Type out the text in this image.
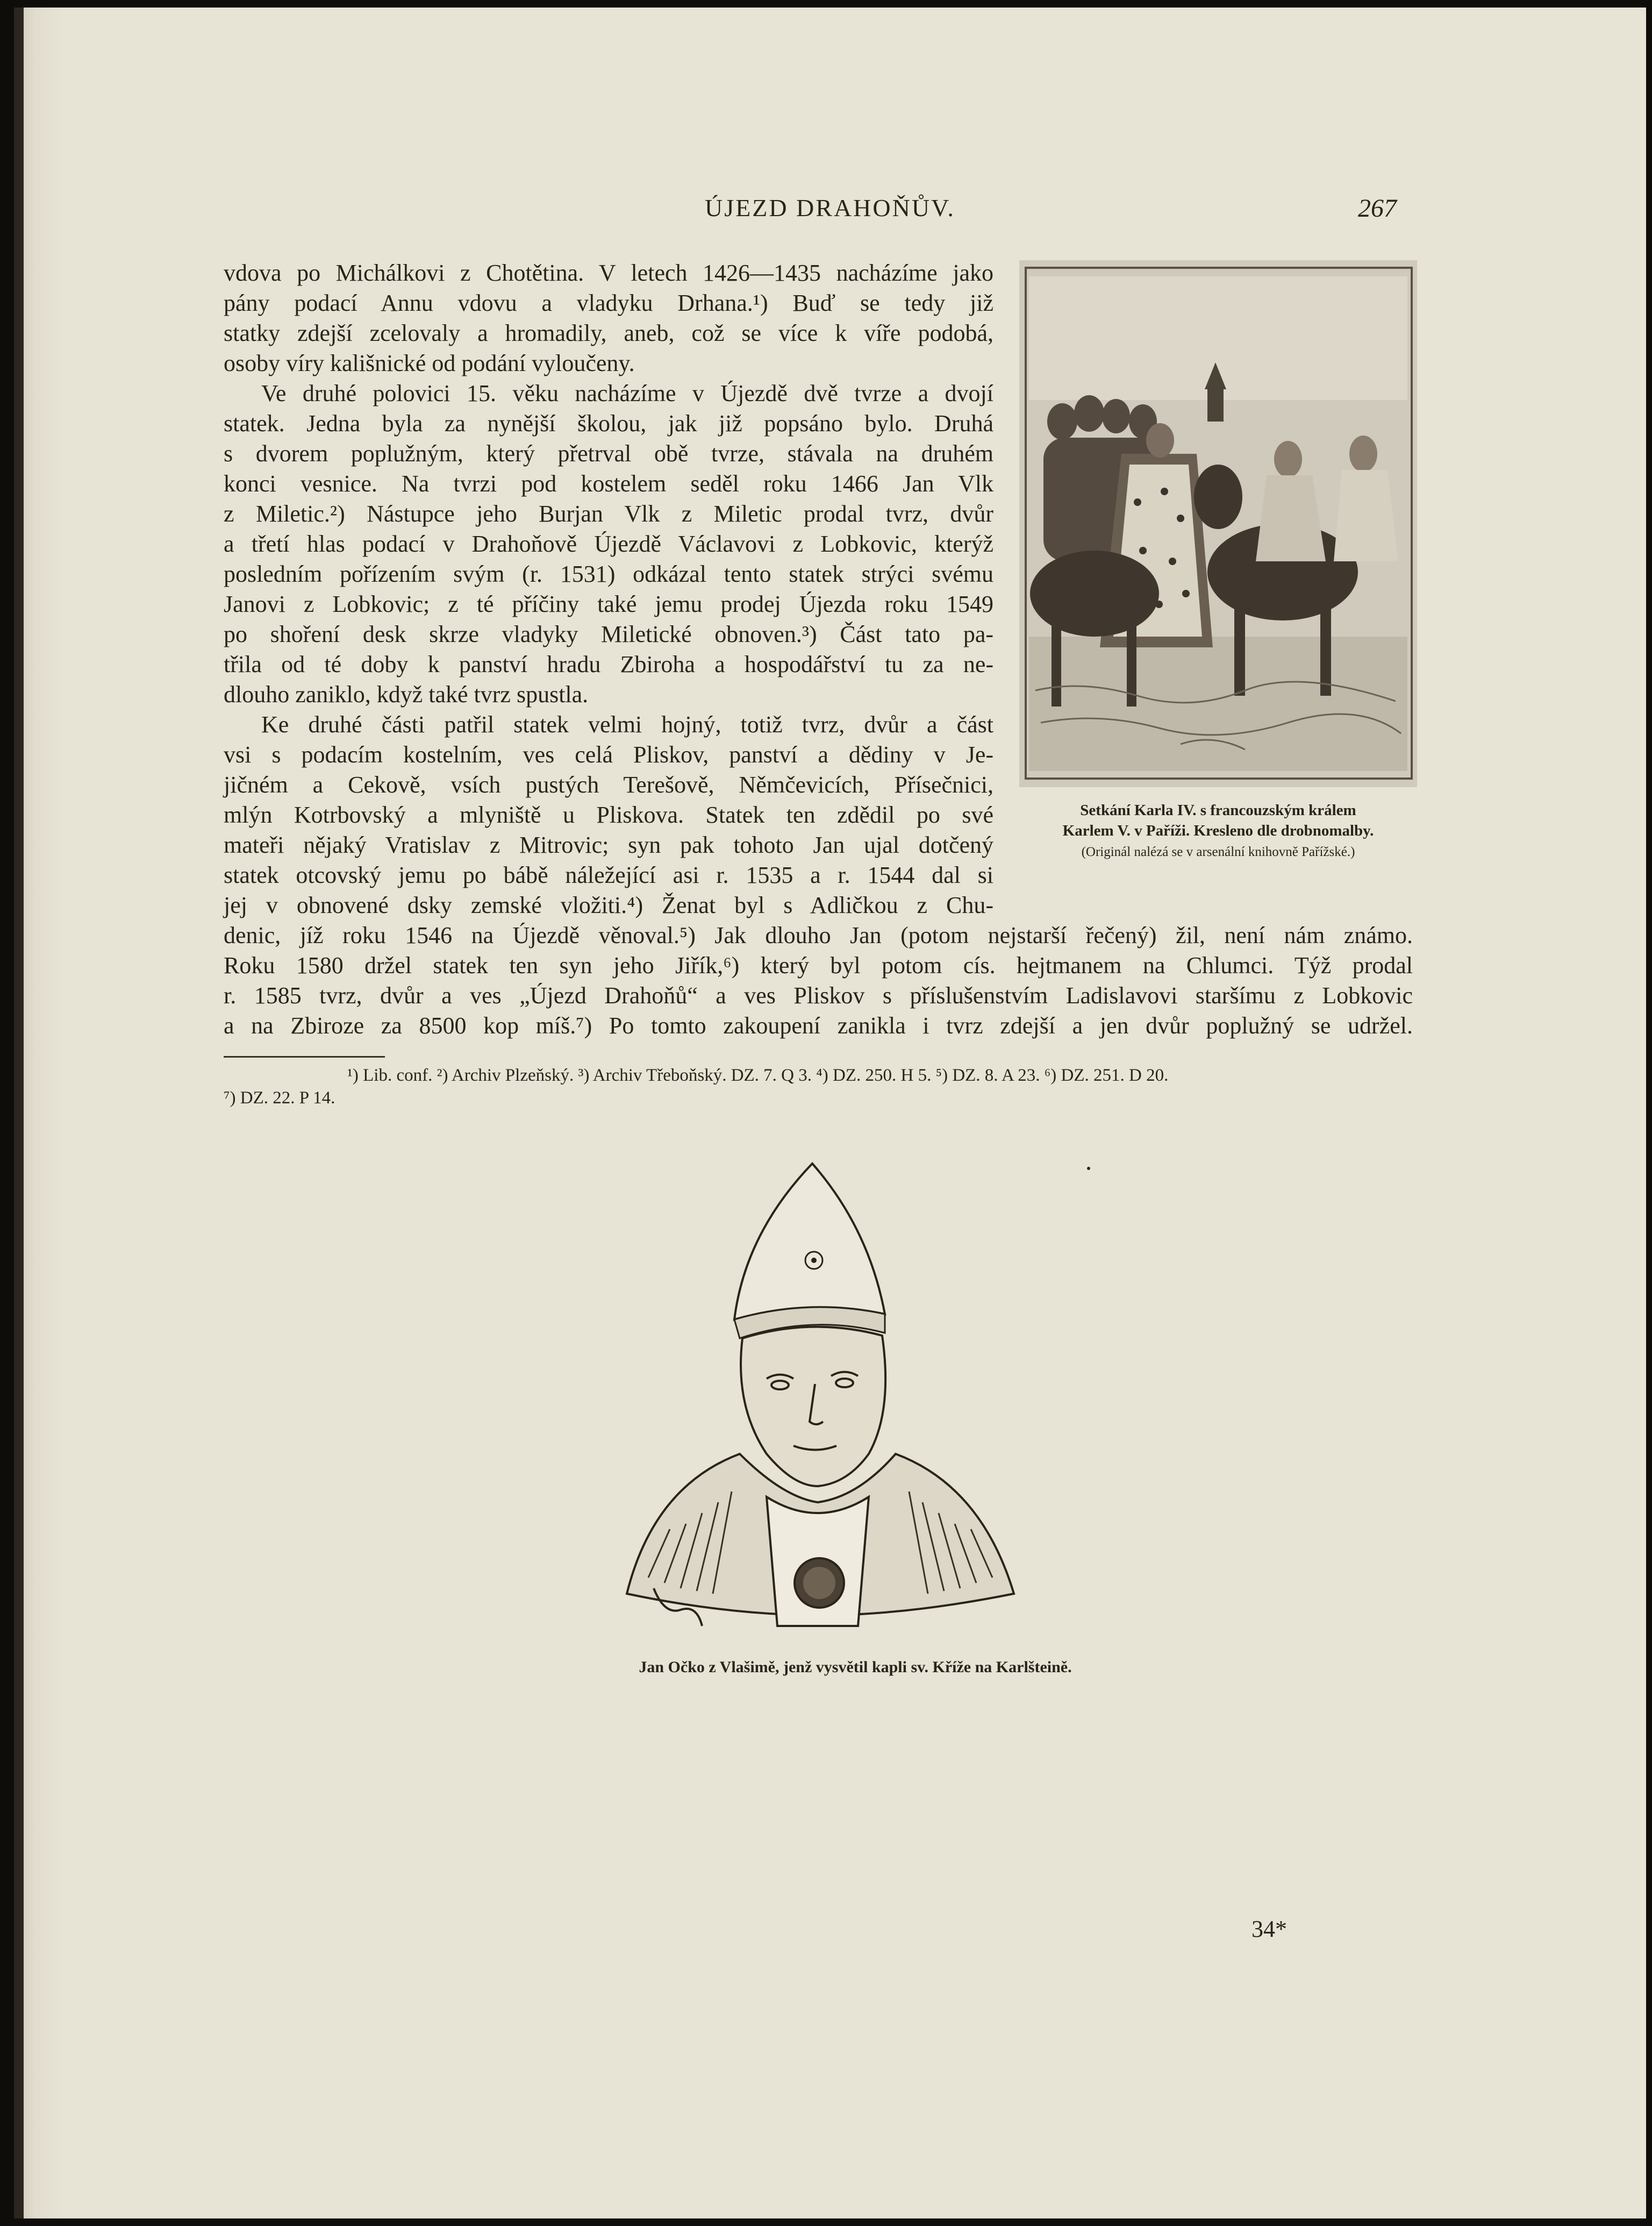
ÚJEZD DRAHOŇŮV.	267
vdova po Michálkovi z Chotětina. V letech 1426—1435 nacházíme jako
pány podací Annu vdovu a vladyku Drhana.¹) Buď se tedy již
statky zdejší zcelovaly a hromadily, aneb, což se více k víře podobá,
osoby víry kališnické od podání vyloučeny.
Ve druhé polovici 15. věku nacházíme v Újezdě dvě tvrze a dvojí
statek. Jedna byla za nynější školou, jak již popsáno bylo. Druhá
s dvorem poplužným, který přetrval obě tvrze, stávala na druhém
konci vesnice. Na tvrzi pod kostelem seděl roku 1466 Jan Vlk
z Miletic.²) Nástupce jeho Burjan Vlk z Miletic prodal tvrz, dvůr
a třetí hlas podací v Drahoňově Újezdě Václavovi z Lobkovic, kterýž
posledním pořízením svým (r. 1531) odkázal tento statek strýci svému
Janovi z Lobkovic; z té příčiny také jemu prodej Újezda roku 1549
po shoření desk skrze vladyky Miletické obnoven.³) Část tato pa-
třila od té doby k panství hradu Zbiroha a hospodářství tu za ne-
dlouho zaniklo, když také tvrz spustla.
Ke druhé části patřil statek velmi hojný, totiž tvrz, dvůr a část
vsi s podacím kostelním, ves celá Pliskov, panství a dědiny v Je-
jičném a Cekově, vsích pustých Terešově, Němčevicích, Přísečnici,
mlýn Kotrbovský a mlyniště u Pliskova. Statek ten zdědil po své
mateři nějaký Vratislav z Mitrovic; syn pak tohoto Jan ujal dotčený
statek otcovský jemu po bábě náležející asi r. 1535 a r. 1544 dal si
jej v obnovené dsky zemské vložiti.⁴) Ženat byl s Adličkou z Chu-
denic, jíž roku 1546 na Újezdě věnoval.⁵) Jak dlouho Jan (potom nejstarší řečený) žil, není nám známo.
Roku 1580 držel statek ten syn jeho Jiřík,⁶) který byl potom cís. hejtmanem na Chlumci. Týž prodal
r. 1585 tvrz, dvůr a ves „Újezd Drahoňů“ a ves Pliskov s příslušenstvím Ladislavovi staršímu z Lobkovic
a na Zbiroze za 8500 kop míš.⁷) Po tomto zakoupení zanikla i tvrz zdejší a jen dvůr poplužný se udržel.
¹) Lib. conf. ²) Archiv Plzeňský. ³) Archiv Třeboňský. DZ. 7. Q 3. ⁴) DZ. 250. H 5. ⁵) DZ. 8. A 23. ⁶) DZ. 251. D 20.
⁷) DZ. 22. P 14.
Setkání Karla IV. s francouzským králem
Karlem V. v Paříži. Kresleno dle drobnomalby.
(Originál nalézá se v arsenální knihovně Pařížské.)
Jan Očko z Vlašimě, jenž vysvětil kapli sv. Kříže na Karlšteině.
34*
